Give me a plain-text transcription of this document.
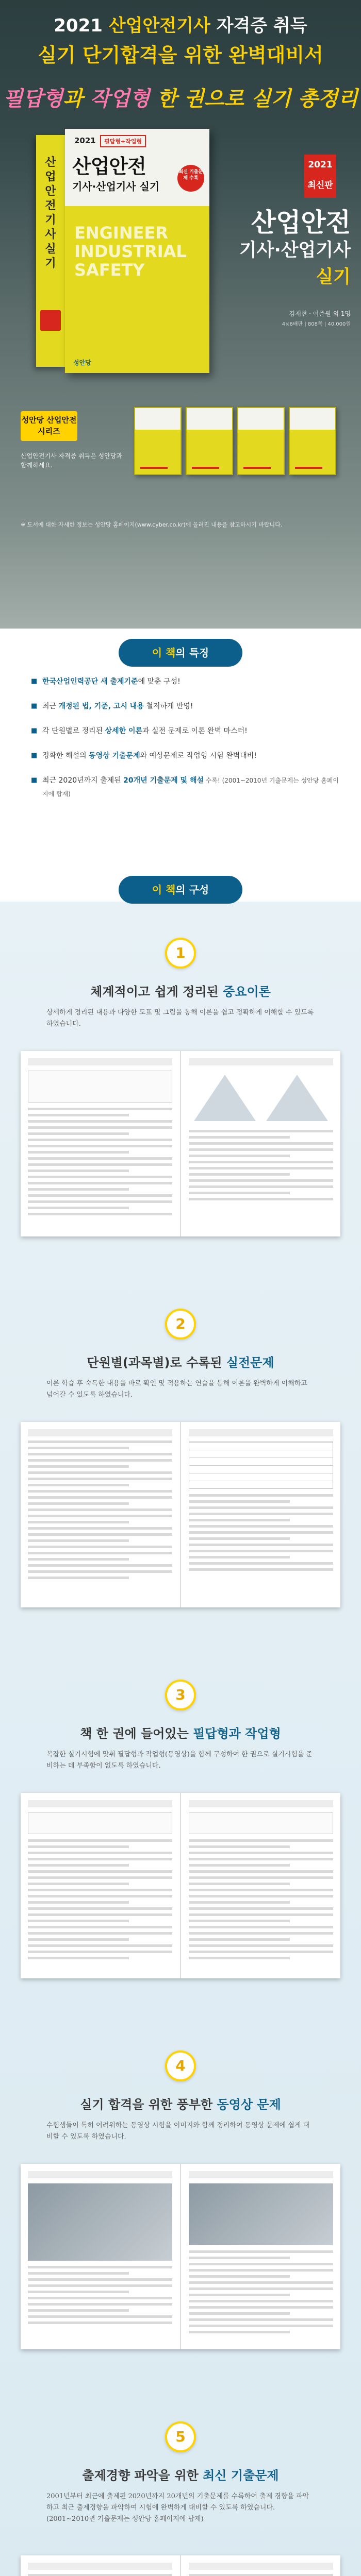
2021 산업안전기사 자격증 취득
실기 단기합격을 위한 완벽대비서
필답형과 작업형 한 권으로 실기 총정리
산업안전기사실기
2021	필답형+작업형
산업안전
기사·산업기사 실기
최신 기출문제 수록
ENGINEER
INDUSTRIAL
SAFETY
성안당
2021
최신판
산업안전
기사·산업기사
실기
김재현 · 이준원 외 1명
4×6배판 | 808쪽 | 40,000원
성안당 산업안전 시리즈
산업안전기사 자격증 취득은 성안당과 함께하세요.
※ 도서에 대한 자세한 정보는 성안당 홈페이지(www.cyber.co.kr)에 올려진 내용을 참고하시기 바랍니다.
이 책의 특징
■ 한국산업인력공단 새 출제기준에 맞춘 구성!
■ 최근 개정된 법, 기준, 고시 내용 철저하게 반영!
■ 각 단원별로 정리된 상세한 이론과 실전 문제로 이론 완벽 마스터!
■ 정확한 해설의 동영상 기출문제와 예상문제로 작업형 시험 완벽대비!
■ 최근 2020년까지 출제된 20개년 기출문제 및 해설 수록! (2001~2010년 기출문제는 성안당 홈페이지에 탑재)
이 책의 구성
1
체계적이고 쉽게 정리된 중요이론
상세하게 정리된 내용과 다양한 도표 및 그림을 통해 이론을 쉽고 정확하게 이해할 수 있도록 하였습니다.
2
단원별(과목별)로 수록된 실전문제
이론 학습 후 숙독한 내용을 바로 확인 및 적용하는 연습을 통해 이론을 완벽하게 이해하고 넘어갈 수 있도록 하였습니다.
3
책 한 권에 들어있는 필답형과 작업형
복잡한 실기시험에 맞춰 필답형과 작업형(동영상)을 함께 구성하여 한 권으로 실기시험을 준비하는 데 부족함이 없도록 하였습니다.
4
실기 합격을 위한 풍부한 동영상 문제
수험생들이 특히 어려워하는 동영상 시험을 이미지와 함께 정리하여 동영상 문제에 쉽게 대비할 수 있도록 하였습니다.
5
출제경향 파악을 위한 최신 기출문제
2001년부터 최근에 출제된 2020년까지 20개년의 기출문제를 수록하여 출제 경향을 파악하고 최근 출제경향을 파악하여 시험에 완벽하게 대비할 수 있도록 하였습니다. (2001~2010년 기출문제는 성안당 홈페이지에 탑재)
